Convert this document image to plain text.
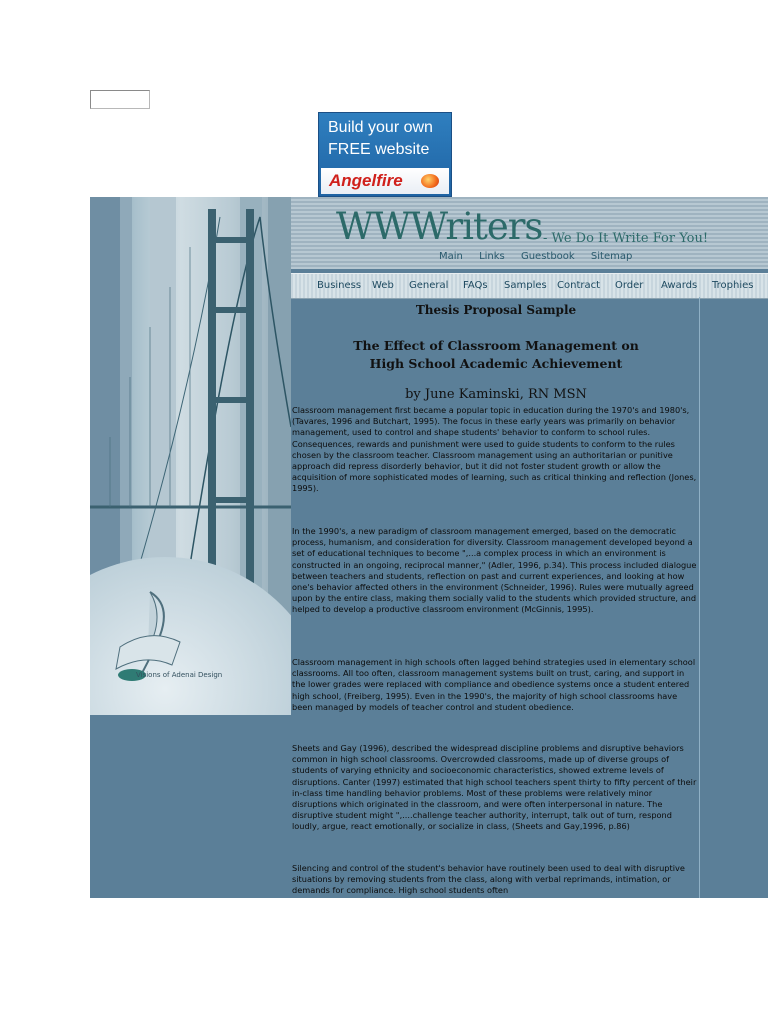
Build your own
FREE website
Angelfire
Visions of Adenai Design
WWWriters - We Do It Write For You!
Main Links Guestbook Sitemap
Business Web General FAQs Samples Contract Order Awards Trophies
Thesis Proposal Sample
The Effect of Classroom Management on
High School Academic Achievement
by June Kaminski, RN MSN

Classroom management first became a popular topic in education during the 1970's and 1980's, (Tavares, 1996 and Butchart, 1995). The focus in these early years was primarily on behavior management, used to control and shape students' behavior to conform to school rules. Consequences, rewards and punishment were used to guide students to conform to the rules chosen by the classroom teacher. Classroom management using an authoritarian or punitive approach did repress disorderly behavior, but it did not foster student growth or allow the acquisition of more sophisticated modes of learning, such as critical thinking and reflection (Jones, 1995).

In the 1990's, a new paradigm of classroom management emerged, based on the democratic process, humanism, and consideration for diversity. Classroom management developed beyond a set of educational techniques to become ",...a complex process in which an environment is constructed in an ongoing, reciprocal manner," (Adler, 1996, p.34). This process included dialogue between teachers and students, reflection on past and current experiences, and looking at how one's behavior affected others in the environment (Schneider, 1996). Rules were mutually agreed upon by the entire class, making them socially valid to the students which provided structure, and helped to develop a productive classroom environment (McGinnis, 1995).

Classroom management in high schools often lagged behind strategies used in elementary school classrooms. All too often, classroom management systems built on trust, caring, and support in the lower grades were replaced with compliance and obedience systems once a student entered high school, (Freiberg, 1995). Even in the 1990's, the majority of high school classrooms have been managed by models of teacher control and student obedience.

Sheets and Gay (1996), described the widespread discipline problems and disruptive behaviors common in high school classrooms. Overcrowded classrooms, made up of diverse groups of students of varying ethnicity and socioeconomic characteristics, showed extreme levels of disruptions. Canter (1997) estimated that high school teachers spent thirty to fifty percent of their in-class time handling behavior problems. Most of these problems were relatively minor disruptions which originated in the classroom, and were often interpersonal in nature. The disruptive student might ",....challenge teacher authority, interrupt, talk out of turn, respond loudly, argue, react emotionally, or socialize in class, (Sheets and Gay,1996, p.86)

Silencing and control of the student's behavior have routinely been used to deal with disruptive situations by removing students from the class, along with verbal reprimands, intimation, or demands for compliance. High school students often
